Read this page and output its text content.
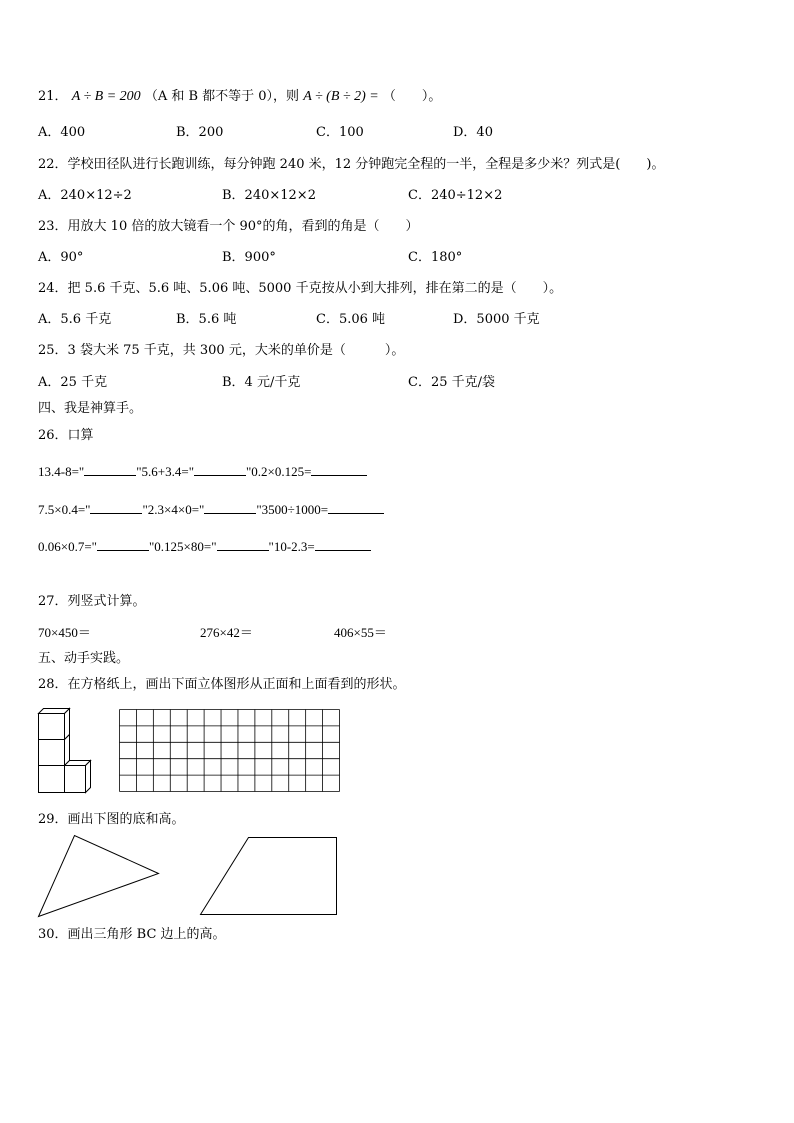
21． A ÷ B = 200 （A 和 B 都不等于 0），则 A ÷ (B ÷ 2) = （　　）。
A．400	B．200	C．100	D．40
22．学校田径队进行长跑训练，每分钟跑 240 米，12 分钟跑完全程的一半，全程是多少米？列式是(　　)。
A．240×12÷2	B．240×12×2	C．240÷12×2
23．用放大 10 倍的放大镜看一个 90°的角，看到的角是（　　）
A．90°	B．900°	C．180°
24．把 5.6 千克、5.6 吨、5.06 吨、5000 千克按从小到大排列，排在第二的是（　　）。
A．5.6 千克	B．5.6 吨	C．5.06 吨	D．5000 千克
25．3 袋大米 75 千克，共 300 元，大米的单价是（　　　）。
A．25 千克	B．4 元/千克	C．25 千克/袋
四、我是神算手。
26．口算
13.4-8="	"5.6+3.4="	"0.2×0.125=
7.5×0.4="	"2.3×4×0="	"3500÷1000=
0.06×0.7="	"0.125×80="	"10-2.3=
27．列竖式计算。
70×450＝	276×42＝	406×55＝
五、动手实践。
28．在方格纸上，画出下面立体图形从正面和上面看到的形状。
29．画出下图的底和高。
30．画出三角形 BC 边上的高。
